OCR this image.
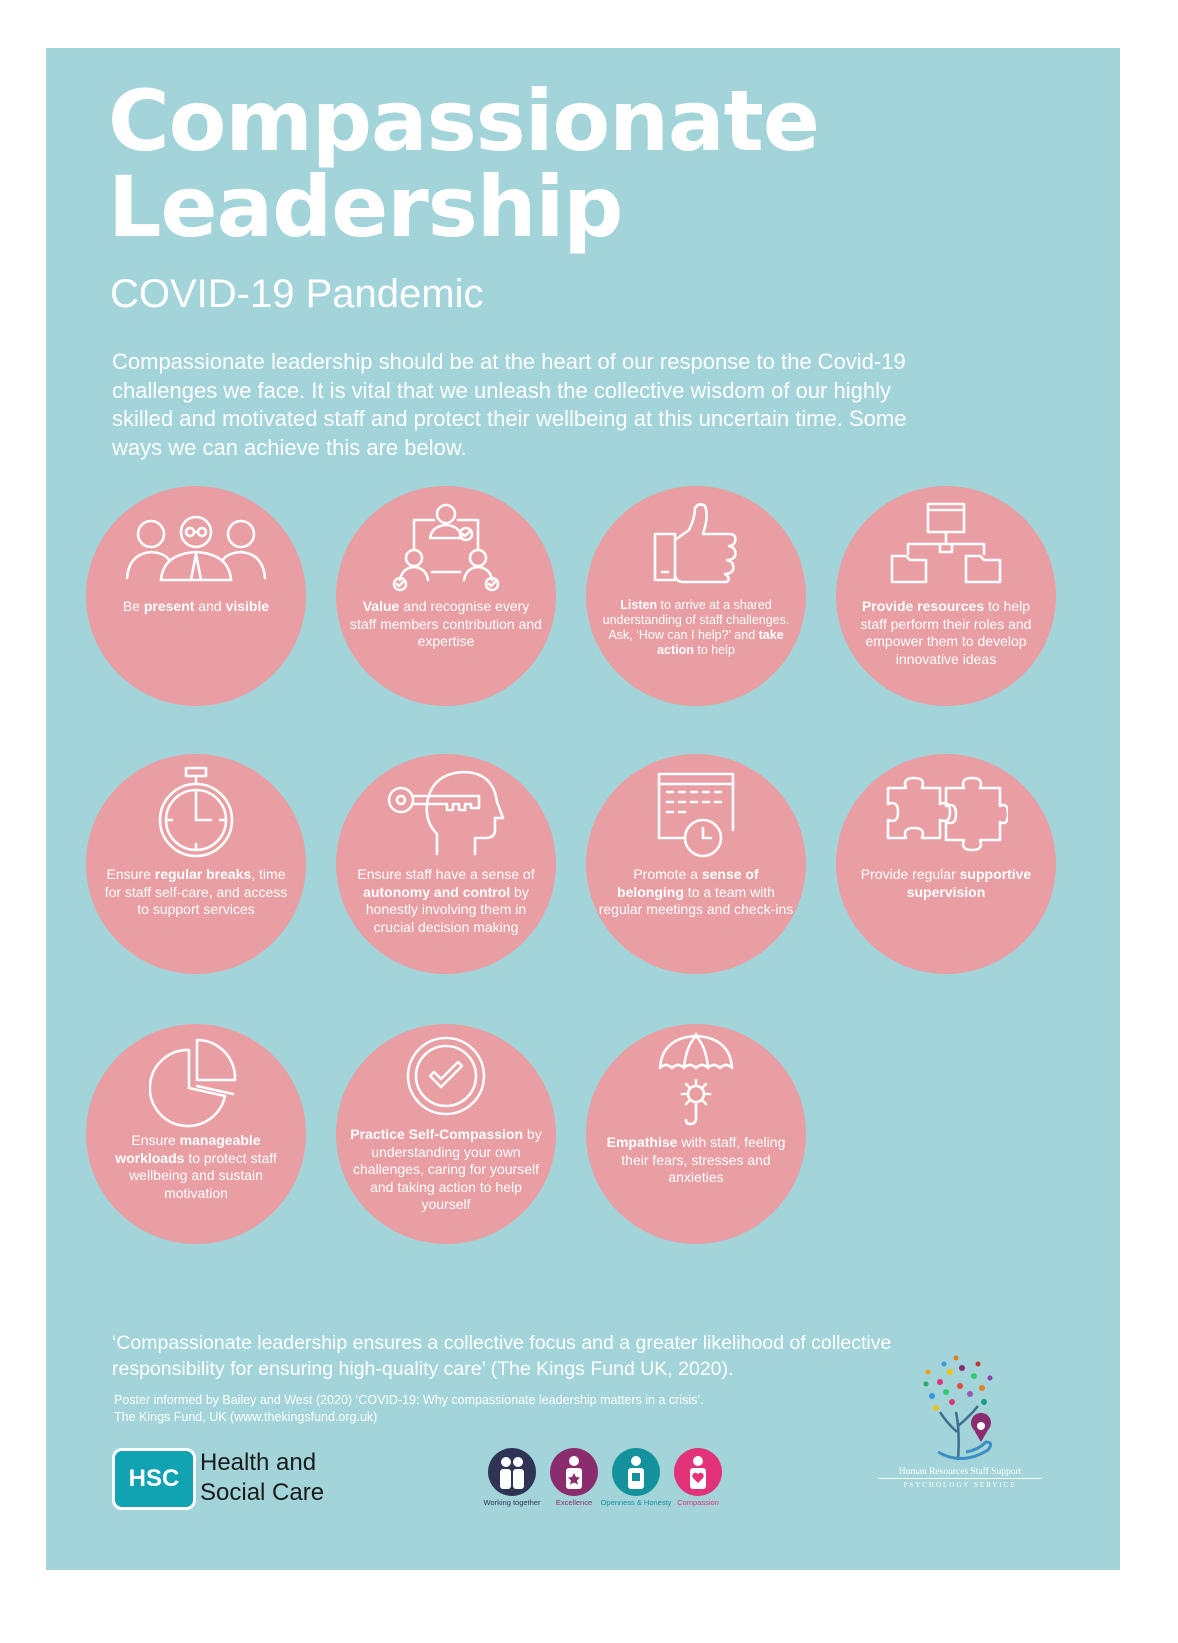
Compassionate
Leadership
COVID-19 Pandemic
Compassionate leadership should be at the heart of our response to the Covid-19 challenges we face. It is vital that we unleash the collective wisdom of our highly skilled and motivated staff and protect their wellbeing at this uncertain time. Some ways we can achieve this are below.
Be present and visible	Value and recognise every staff members contribution and expertise
Listen to arrive at a shared understanding of staff challenges. Ask, ‘How can I help?’ and take action to help
Provide resources to help staff perform their roles and empower them to develop innovative ideas
Ensure regular breaks, time for staff self-care, and access to support services
Ensure staff have a sense of autonomy and control by honestly involving them in crucial decision making
Promote a sense of belonging to a team with regular meetings and check-ins
Provide regular supportive supervision
Ensure manageable workloads to protect staff wellbeing and sustain motivation
Practice Self-Compassion by understanding your own challenges, caring for yourself and taking action to help yourself
Empathise with staff, feeling their fears, stresses and anxieties
‘Compassionate leadership ensures a collective focus and a greater likelihood of collective responsibility for ensuring high-quality care’ (The Kings Fund UK, 2020).
Poster informed by Bailey and West (2020) ‘COVID-19: Why compassionate leadership matters in a crisis’.
The Kings Fund, UK (www.thekingsfund.org.uk)
HSC
Health and
Social Care	Working together	Excellence	Openness & Honesty Compassion
Human Resources Staff Support
PSYCHOLOGY SERVICE
